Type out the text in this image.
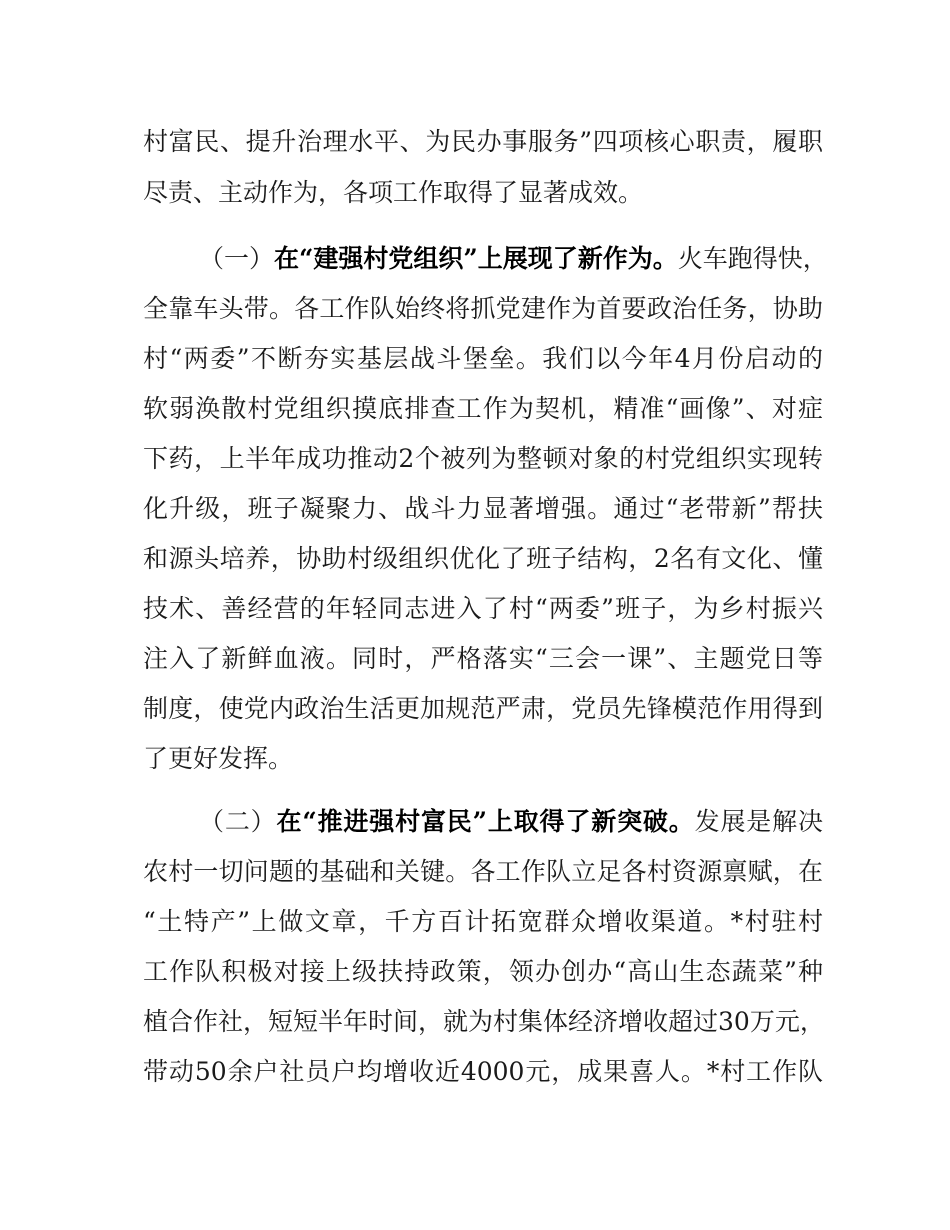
村富民、提升治理水平、为民办事服务”四项核心职责，履职
尽责、主动作为，各项工作取得了显著成效。
（一）在“建强村党组织”上展现了新作为。火车跑得快，
全靠车头带。各工作队始终将抓党建作为首要政治任务，协助
村“两委”不断夯实基层战斗堡垒。我们以今年4月份启动的
软弱涣散村党组织摸底排查工作为契机，精准“画像”、对症
下药，上半年成功推动2个被列为整顿对象的村党组织实现转
化升级，班子凝聚力、战斗力显著增强。通过“老带新”帮扶
和源头培养，协助村级组织优化了班子结构，2名有文化、懂
技术、善经营的年轻同志进入了村“两委”班子，为乡村振兴
注入了新鲜血液。同时，严格落实“三会一课”、主题党日等
制度，使党内政治生活更加规范严肃，党员先锋模范作用得到
了更好发挥。
（二）在“推进强村富民”上取得了新突破。发展是解决
农村一切问题的基础和关键。各工作队立足各村资源禀赋，在
“土特产”上做文章，千方百计拓宽群众增收渠道。*村驻村
工作队积极对接上级扶持政策，领办创办“高山生态蔬菜”种
植合作社，短短半年时间，就为村集体经济增收超过30万元，
带动50余户社员户均增收近4000元，成果喜人。*村工作队
